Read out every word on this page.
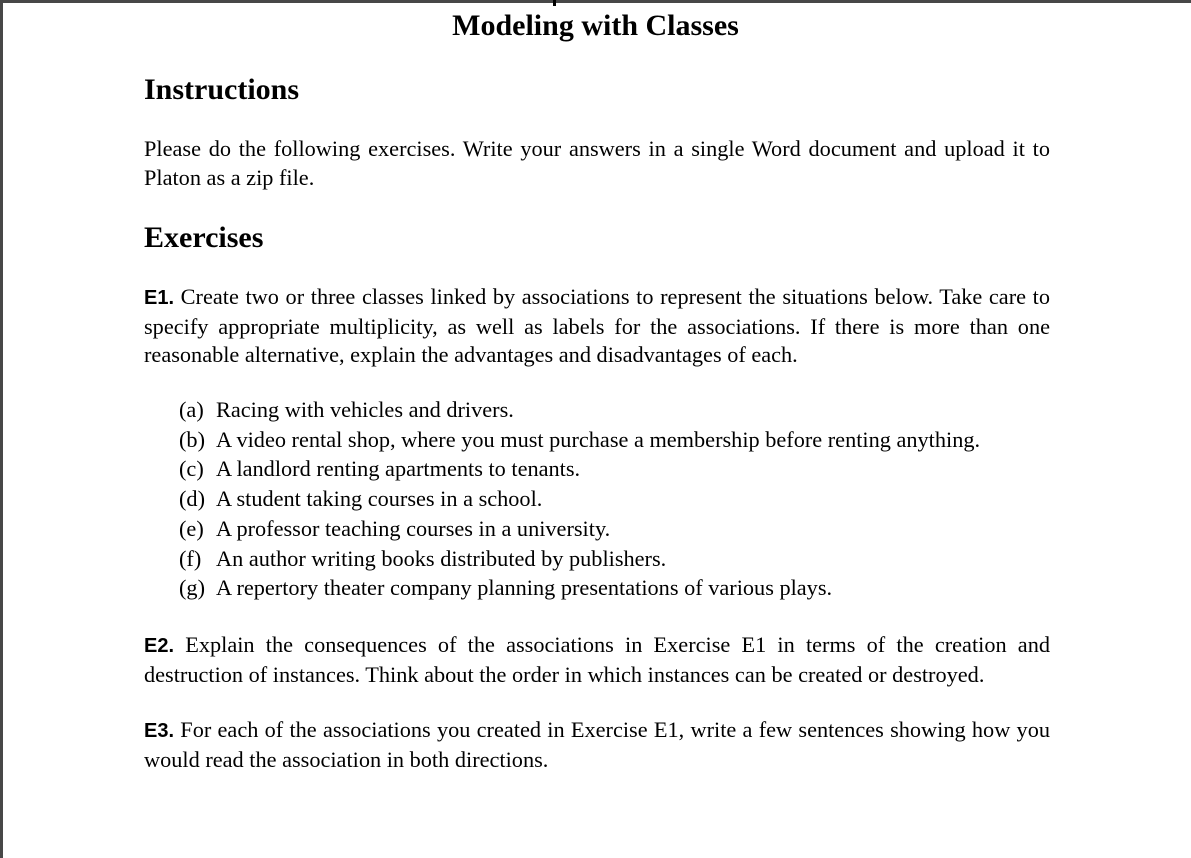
Modeling with Classes
Instructions

Please do the following exercises. Write your answers in a single Word document and upload it to Platon as a zip file.

Exercises

E1. Create two or three classes linked by associations to represent the situations below. Take care to specify appropriate multiplicity, as well as labels for the associations. If there is more than one reasonable alternative, explain the advantages and disadvantages of each.

(a) Racing with vehicles and drivers.
(b) A video rental shop, where you must purchase a membership before renting anything.
(c) A landlord renting apartments to tenants.
(d) A student taking courses in a school.
(e) A professor teaching courses in a university.
(f) An author writing books distributed by publishers.
(g) A repertory theater company planning presentations of various plays.

E2. Explain the consequences of the associations in Exercise E1 in terms of the creation and destruction of instances. Think about the order in which instances can be created or destroyed.

E3. For each of the associations you created in Exercise E1, write a few sentences showing how you would read the association in both directions.
